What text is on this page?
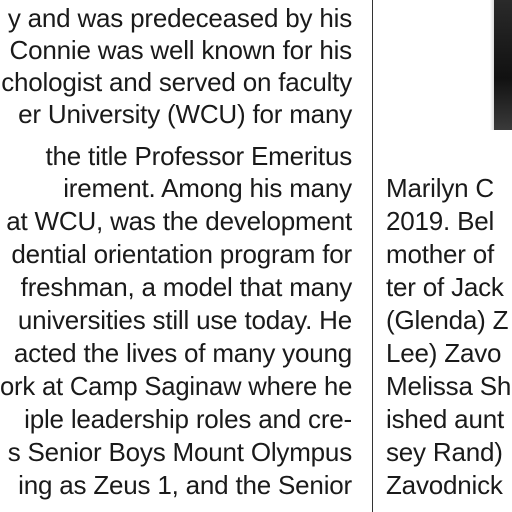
y and was predeceased by his
Connie was well known for his
chologist and served on faculty
er University (WCU) for many
the title Professor Emeritus
irement. Among his many
at WCU, was the development
dential orientation program for
freshman, a model that many
universities still use today. He
acted the lives of many young
ork at Camp Saginaw where he
iple leadership roles and cre-
s Senior Boys Mount Olympus
ing as Zeus 1, and the Senior
Marilyn C
2019. Bel
mother of
ter of Jack
(Glenda) Z
Lee) Zavo
Melissa Sh
ished aunt
sey Rand)
Zavodnick
